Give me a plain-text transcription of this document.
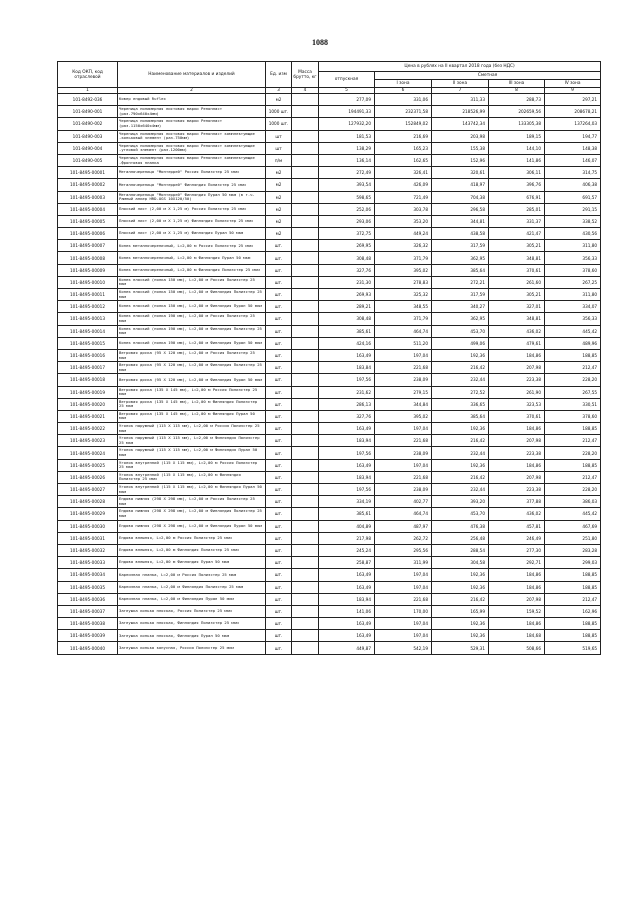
1088
Код ОКП, код отраслевой	Наименование материалов и изделий	Ед. изм	Масса брутто, кг	Цена в рублях на II квартал 2018 года (без НДС)				
				отпускная	Сметная			
					I зона	II зона	III зона	IV зона
1	2	3	4	5	6	7	8	9
101-8492-036	Ковер ендовый Ruflex	м2		277,09	331,06	311,33	288,73	297,21
101-8490-001	Черепица полимерная листовая марки Ренопласт (раз.790х640х4мм)	1000 шт.		194491,33	232371,58	218526,99	202659,56	208678,21
101-8490-002	Черепица полимерная листовая марки Ренопласт (раз.1150х640х4мм)	1000 шт.		127932,20	152849,02	143742,34	133305,38	137264,03
101-8490-003	Черепица полимерная листовая марки Ренопласт комплектующие -коньковый элемент (раз.750мм)	шт		181,53	216,69	203,98	189,15	194,77
101-8490-004	Черепица полимерная листовая марки Ренопласт комплектующие -угловой элемент (раз.1200мм)	шт		138,29	165,23	155,38	144,10	148,38
101-8490-005	Черепица полимерная листовая марки Ренопласт комплектующие -фронтовая планка	п/м		136,14	162,65	152,96	141,86	146,07
101-8495-00001	Металлочерепица "Монтеррей" Россия Полиэстер 25 мкм	м2		272,49	326,41	320,61	306,11	314,75
101-8495-00002	Металлочерепица "Монтеррей" Финляндия Полиэстер 25 мкм	м2		393,54	426,09	418,97	396,76	406,38
101-8495-00003	Металлочерепица "Монтеррей" Финляндия Пурал 50 мкм (в т.ч. Рамный анкер HRD-UGS 10Х120/50)	м2		598,65	721,49	704,38	676,91	691,57
101-8495-00004	Плоский лист (2,00 м Х 1,25 м) Россия Полиэстер 25 мкм	м2		252,06	303,78	296,58	285,01	291,15
101-8495-00005	Плоский лист (2,00 м Х 1,25 м) Финляндия Полиэстер 25 мкм	м2		293,06	353,20	344,81	331,37	338,52
101-8495-00006	Плоский лист (2,00 м Х 1,25 м) Финляндия Пурал 50 мкм	м2		372,75	449,24	438,58	421,47	430,56
101-8495-00007	Конек металлочерепичный, L=2,00 м Россия Полиэстер 25 мкм	шт.		269,95	326,32	317,59	305,21	311,80
101-8495-00008	Конек металлочерепичный, L=2,00 м Финляндия Пурал 50 мкм	шт.		308,48	371,79	362,95	348,81	356,33
101-8495-00009	Конек металлочерепичный, L=2,00 м Финляндия Полиэстер 25 мкм	шт.		327,76	395,02	385,64	370,61	378,60
101-8495-00010	Конек плоский (полка 150 мм), L=2,00 м Россия Полиэстер 25 мкм	шт.		231,30	278,83	272,21	261,60	267,25
101-8495-00011	Конек плоский (полка 150 мм), L=2,00 м Финляндия Полиэстер 25 мкм	шт.		269,93	325,32	317,59	305,21	311,80
101-8495-00012	Конек плоский (полка 150 мм), L=2,00 м Финляндия Пурал 50 мкм	шт.		289,21	348,55	340,27	327,01	334,07
101-8495-00013	Конек плоский (полка 190 мм), L=2,00 м Россия Полиэстер 25 мкм	шт.		308,48	371,79	362,95	348,81	356,33
101-8495-00014	Конек плоский (полка 190 мм), L=2,00 м Финляндия Полиэстер 25 мкм	шт.		385,61	464,74	453,70	436,02	445,42
101-8495-00015	Конек плоский (полка 190 мм), L=2,00 м Финляндия Пурал 50 мкм	шт.		424,16	511,20	499,06	479,61	489,96
101-8495-00016	Ветровая доска (95 Х 120 мм), L=2,00 м Россия Полиэстер 25 мкм	шт.		163,49	197,04	192,36	184,86	188,85
101-8495-00017	Ветровая доска (95 Х 120 мм), L=2,00 м Финляндия Полиэстер 25 мкм	шт.		183,84	221,68	216,42	207,98	212,47
101-8495-00018	Ветровая доска (95 Х 120 мм), L=2,00 м Финляндия Пурал 50 мкм	шт.		197,56	238,09	232,44	223,38	228,20
101-8495-00019	Ветровая доска (135 Х 145 мм), L=2,00 м Россия Полиэстер 25 мкм	шт.		231,62	279,15	272,52	261,90	267,55
101-8495-00020	Ветровая доска (135 Х 145 мм), L=2,00 м Финляндия Полиэстер 25 мкм	шт.		286,13	344,84	336,65	323,53	330,51
101-8495-00021	Ветровая доска (135 Х 145 мм), L=2,00 м Финляндия Пурал 50 мкм	шт.		327,76	395,02	385,64	370,61	378,60
101-8495-00022	Уголок наружный (115 Х 115 мм), L=2,00 м Россия Полиэстер 25 мкм	шт.		163,49	197,04	192,36	184,86	188,85
101-8495-00023	Уголок наружный (115 Х 115 мм), L=2,00 м Финляндия Полиэстер 25 мкм	шт.		183,94	221,68	216,42	207,98	212,47
101-8495-00024	Уголок наружный (115 Х 115 мм), L=2,00 м Финляндия Пурал 50 мкм	шт.		197,56	238,09	232,44	223,38	228,20
101-8495-00025	Уголок внутренний (115 Х 115 мм), L=2,00 м Россия Полиэстер 25 мкм	шт.		163,49	197,04	192,36	184,86	188,85
101-8495-00026	Уголок внутренний (115 Х 115 мм), L=2,00 м Финляндия Полиэстер 25 мкм	шт.		183,94	221,68	216,42	207,98	212,47
101-8495-00027	Уголок внутренний (115 Х 115 мм), L=2,00 м Финляндия Пурал 50 мкм	шт.		197,56	238,09	232,44	223,38	228,20
101-8495-00028	Ендова нижняя (298 Х 298 мм), L=2,00 м Россия Полиэстер 25 мкм	шт.		334,19	402,77	393,20	377,88	386,03
101-8495-00029	Ендова нижняя (298 Х 298 мм), L=2,00 м Финляндия Полиэстер 25 мкм	шт.		385,61	464,74	453,70	436,02	445,42
101-8495-00030	Ендова нижняя (298 Х 298 мм), L=2,00 м Финляндия Пурал 50 мкм	шт.		404,89	487,97	476,38	457,81	467,69
101-8495-00031	Ендова внешняя, L=2,00 м Россия Полиэстер 25 мкм	шт.		217,98	262,72	256,48	246,49	251,80
101-8495-00032	Ендова внешняя, L=2,00 м Финляндия Полиэстер 25 мкм	шт.		245,24	295,56	288,54	277,30	283,28
101-8495-00033	Ендова внешняя, L=2,00 м Финляндия Пурал 50 мкм	шт.		258,87	311,99	304,58	292,71	299,03
101-8495-00034	Карнизная планка, L=2,00 м Россия Полиэстер 25 мкм	шт.		163,49	197,04	192,36	184,86	188,85
101-8495-00035	Карнизная планка, L=2,00 м Финляндия Полиэстер 25 мкм	шт.		163,49	197,04	192,36	184,86	188,85
101-8495-00036	Карнизная планка, L=2,00 м Финляндия Пурал 50 мкм	шт.		183,94	221,68	216,42	207,98	212,47
101-8495-00037	Заглушка конька плоская, Россия Полиэстер 25 мкм	шт.		141,06	170,00	165,99	159,52	162,96
101-8495-00038	Заглушка конька плоская, Финляндия Полиэстер 25 мкм	шт.		163,49	197,04	192,36	184,86	188,85
101-8495-00039	Заглушка конька плоская, Финляндия Пурал 50 мкм	шт.		163,49	197,04	192,36	184,68	188,85
101-8495-00040	Заглушка конька конусная, Россия Полиэстер 25 мкм	шт.		449,87	542,19	529,31	508,66	519,65
